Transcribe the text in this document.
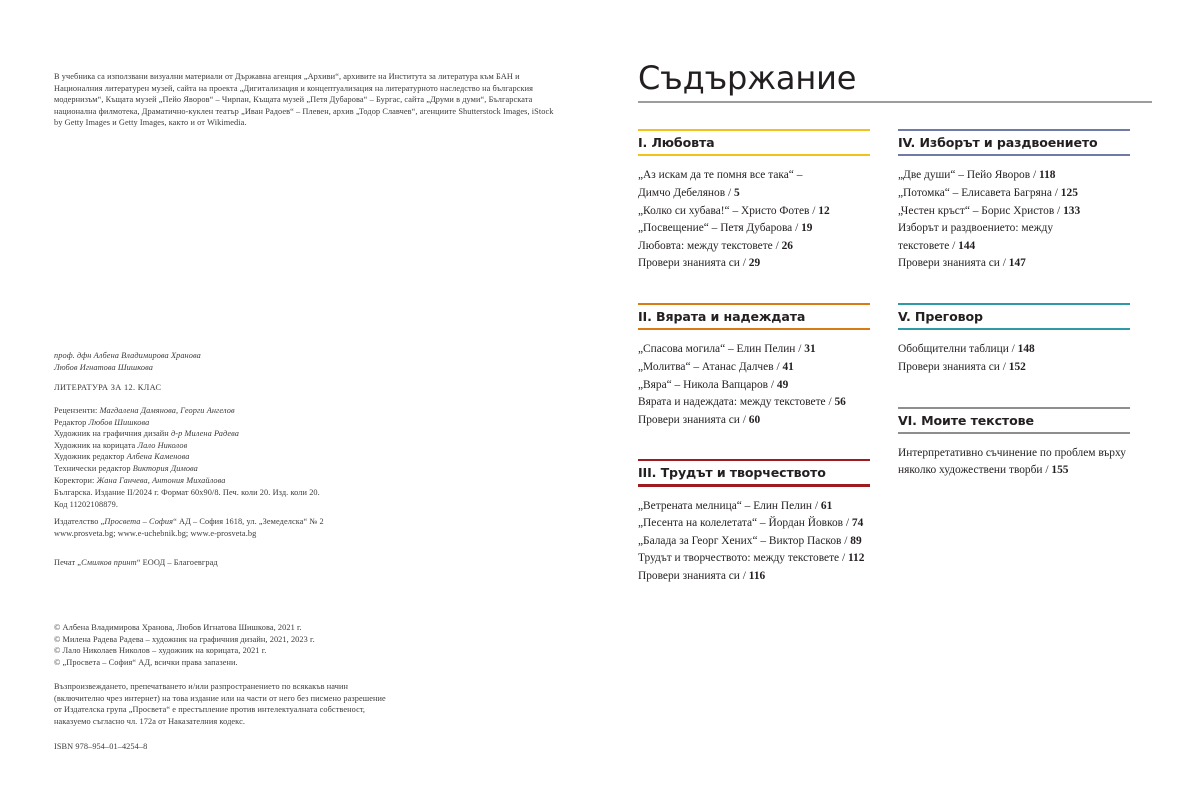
В учебника са използвани визуални материали от Държавна агенция „Архиви“, архивите на Института за литература към БАН и Националния литературен музей, сайта на проекта „Дигитализация и концептуализация на литературното наследство на българския модернизъм“, Къщата музей „Пейо Яворов“ – Чирпан, Къщата музей „Петя Дубарова“ – Бургас, сайта „Друми в думи“, Българската национална филмотека, Драматично-куклен театър „Иван Радоев“ – Плевен, архив „Тодор Славчев“, агенциите Shutterstock Images, iStock by Getty Images и Getty Images, както и от Wikimedia.

проф. дфн Албена Владимирова Хранова

Любов Игнатова Шишкова

ЛИТЕРАТУРА ЗА 12. КЛАС

Рецензенти: Магдалена Дамянова, Георги Ангелов

Редактор Любов Шишкова

Художник на графичния дизайн д-р Милена Радева

Художник на корицата Лало Николов

Художник редактор Албена Каменова

Технически редактор Виктория Димова

Коректори: Жана Ганчева, Антония Михайлова

Българска. Издание II/2024 г. Формат 60х90/8. Печ. коли 20. Изд. коли 20.

Код 11202108879.

Издателство „Просвета – София“ АД – София 1618, ул. „Земеделска“ № 2

www.prosveta.bg; www.e-uchebnik.bg; www.e-prosveta.bg

Печат „Смилков принт“ ЕООД – Благоевград

© Албена Владимирова Хранова, Любов Игнатова Шишкова, 2021 г.

© Милена Радева Радева – художник на графичния дизайн, 2021, 2023 г.

© Лало Николаев Николов – художник на корицата, 2021 г.

© „Просвета – София“ АД, всички права запазени.

Възпроизвеждането, препечатването и/или разпространението по всякакъв начин

(включително чрез интернет) на това издание или на части от него без писмено разрешение

от Издателска група „Просвета“ е престъпление против интелектуалната собственост,

наказуемо съгласно чл. 172а от Наказателния кодекс.

ISBN 978–954–01–4254–8

Съдържание
I. Любовта

„Аз искам да те помня все така“ –

Димчо Дебелянов / 5

„Колко си хубава!“ – Христо Фотев / 12

„Посвещение“ – Петя Дубарова / 19

Любовта: между текстовете / 26

Провери знанията си / 29

II. Вярата и надеждата

„Спасова могила“ – Елин Пелин / 31

„Молитва“ – Атанас Далчев / 41

„Вяра“ – Никола Вапцаров / 49

Вярата и надеждата: между текстовете / 56

Провери знанията си / 60

III. Трудът и творчеството

„Ветрената мелница“ – Елин Пелин / 61

„Песента на колелетата“ – Йордан Йовков / 74

„Балада за Георг Хених“ – Виктор Пасков / 89

Трудът и творчеството: между текстовете / 112

Провери знанията си / 116

IV. Изборът и раздвоението

„Две души“ – Пейо Яворов / 118

„Потомка“ – Елисавета Багряна / 125

„Честен кръст“ – Борис Христов / 133

Изборът и раздвоението: между

текстовете / 144

Провери знанията си / 147

V. Преговор

Обобщителни таблици / 148

Провери знанията си / 152

VI. Моите текстове

Интерпретативно съчинение по проблем върху

няколко художествени творби / 155
